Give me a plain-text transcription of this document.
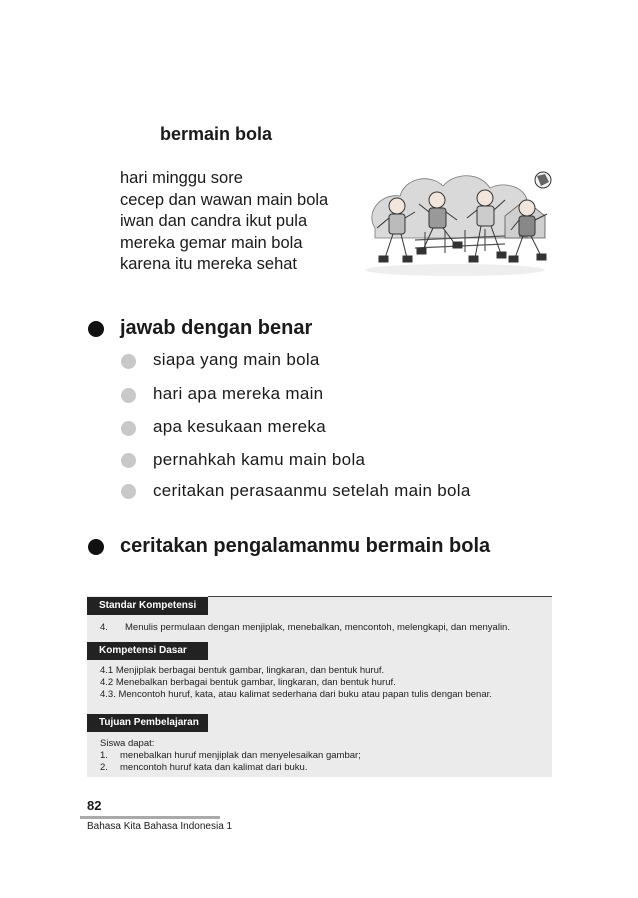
bermain bola
hari minggu sore
cecep dan wawan main bola
iwan dan candra ikut pula
mereka gemar main bola
karena itu mereka sehat
jawab dengan benar
siapa yang main bola
hari apa mereka main
apa kesukaan mereka
pernahkah kamu main bola
ceritakan perasaanmu setelah main bola
ceritakan pengalamanmu bermain bola
Standar Kompetensi
4. Menulis permulaan dengan menjiplak, menebalkan, mencontoh, melengkapi, dan menyalin.
Kompetensi Dasar
4.1 Menjiplak berbagai bentuk gambar, lingkaran, dan bentuk huruf.
4.2 Menebalkan berbagai bentuk gambar, lingkaran, dan bentuk huruf.
4.3. Mencontoh huruf, kata, atau kalimat sederhana dari buku atau papan tulis dengan benar.
Tujuan Pembelajaran
Siswa dapat:
1. menebalkan huruf menjiplak dan menyelesaikan gambar;
2. mencontoh huruf kata dan kalimat dari buku.
82
Bahasa Kita Bahasa Indonesia 1
